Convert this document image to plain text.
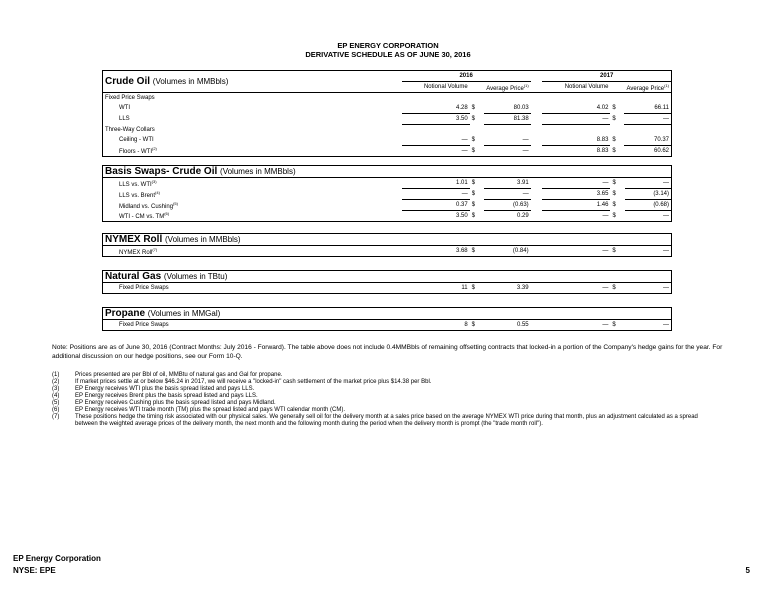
EP ENERGY CORPORATION
DERIVATIVE SCHEDULE AS OF JUNE 30, 2016
Crude Oil (Volumes in MMBbls)	2016				2017		
	Notional Volume	Average Price$^{(1)}$			Notional Volume	Average Price$^{(1)}$
Fixed Price Swaps							
WTI	4.28	$	80.03		4.02	$	66.11
LLS	3.50	$	81.38		—	$	—
Three-Way Collars							
Ceiling - WTI	—	$	—		8.83	$	70.37
Floors - WTI$^{(2)}$	—	$	—		8.83	$	60.62
Basis Swaps- Crude Oil (Volumes in MMBbls)							
LLS vs. WTI$^{(3)}$	1.01	$	3.91		—	$	—
LLS vs. Brent$^{(4)}$	—	$	—		3.65	$	(3.14)
Midland vs. Cushing$^{(5)}$	0.37	$	(0.63)		1.46	$	(0.68)
WTI - CM vs. TM$^{(6)}$	3.50	$	0.29		—	$	—
NYMEX Roll (Volumes in MMBbls)
NYMEX Roll$^{(7)}$	3.68	$	(0.84)		—	$	—
Natural Gas (Volumes in TBtu)
Fixed Price Swaps	11	$	3.39		—	$	—
Propane (Volumes in MMGal)
Fixed Price Swaps	8	$	0.55		—	$	—
Note: Positions are as of June 30, 2016 (Contract Months: July 2016 - Forward). The table above does not include 0.4MMBbls of remaining offsetting contracts that locked-in a portion of the Company's hedge gains for the year. For additional discussion on our hedge positions, see our Form 10-Q.
(1)	Prices presented are per Bbl of oil, MMBtu of natural gas and Gal for propane.
(2)	If market prices settle at or below $46.24 in 2017, we will receive a "locked-in" cash settlement of the market price plus $14.38 per Bbl.
(3)	EP Energy receives WTI plus the basis spread listed and pays LLS.
(4)	EP Energy receives Brent plus the basis spread listed and pays LLS.
(5)	EP Energy receives Cushing plus the basis spread listed and pays Midland.
(6)	EP Energy receives WTI trade month (TM) plus the spread listed and pays WTI calendar month (CM).
(7)	These positions hedge the timing risk associated with our physical sales. We generally sell oil for the delivery month at a sales price based on the average NYMEX WTI price during that month, plus an adjustment calculated as a spread between the weighted average prices of the delivery month, the next month and the following month during the period when the delivery month is prompt (the "trade month roll").
EP Energy Corporation
NYSE: EPE	5
